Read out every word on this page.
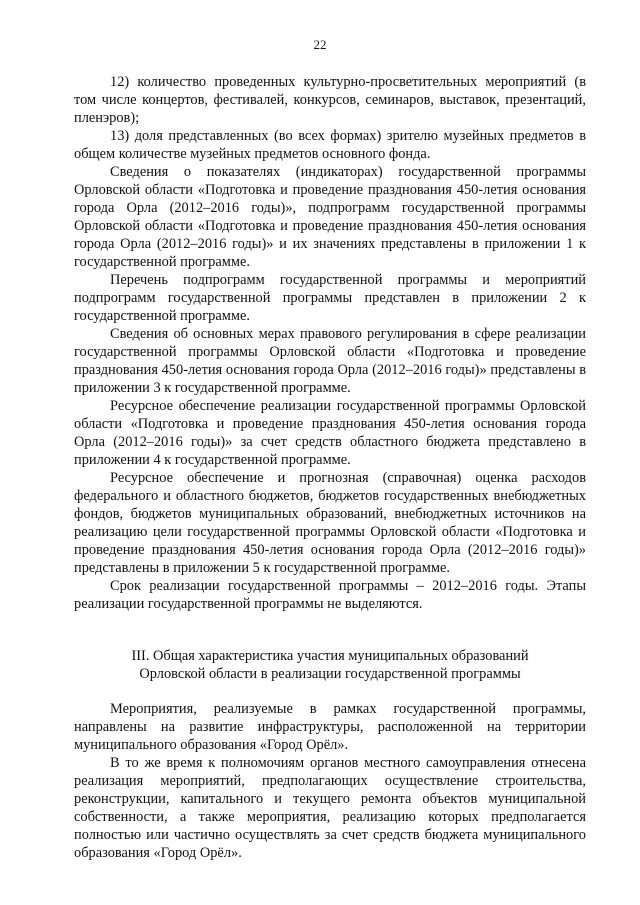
22

12) количество проведенных культурно-просветительных мероприятий (в том числе концертов, фестивалей, конкурсов, семинаров, выставок, презентаций, пленэров);

13) доля представленных (во всех формах) зрителю музейных предметов в общем количестве музейных предметов основного фонда.

Сведения о показателях (индикаторах) государственной программы Орловской области «Подготовка и проведение празднования 450-летия основания города Орла (2012–2016 годы)», подпрограмм государственной программы Орловской области «Подготовка и проведение празднования 450-летия основания города Орла (2012–2016 годы)» и их значениях представлены в приложении 1 к государственной программе.

Перечень подпрограмм государственной программы и мероприятий подпрограмм государственной программы представлен в приложении 2 к государственной программе.

Сведения об основных мерах правового регулирования в сфере реализации государственной программы Орловской области «Подготовка и проведение празднования 450-летия основания города Орла (2012–2016 годы)» представлены в приложении 3 к государственной программе.

Ресурсное обеспечение реализации государственной программы Орловской области «Подготовка и проведение празднования 450-летия основания города Орла (2012–2016 годы)» за счет средств областного бюджета представлено в приложении 4 к государственной программе.

Ресурсное обеспечение и прогнозная (справочная) оценка расходов федерального и областного бюджетов, бюджетов государственных внебюджетных фондов, бюджетов муниципальных образований, внебюджетных источников на реализацию цели государственной программы Орловской области «Подготовка и проведение празднования 450-летия основания города Орла (2012–2016 годы)» представлены в приложении 5 к государственной программе.

Срок реализации государственной программы – 2012–2016 годы. Этапы реализации государственной программы не выделяются.

III. Общая характеристика участия муниципальных образований
Орловской области в реализации государственной программы

Мероприятия, реализуемые в рамках государственной программы, направлены на развитие инфраструктуры, расположенной на территории муниципального образования «Город Орёл».

В то же время к полномочиям органов местного самоуправления отнесена реализация мероприятий, предполагающих осуществление строительства, реконструкции, капитального и текущего ремонта объектов муниципальной собственности, а также мероприятия, реализацию которых предполагается полностью или частично осуществлять за счет средств бюджета муниципального образования «Город Орёл».
